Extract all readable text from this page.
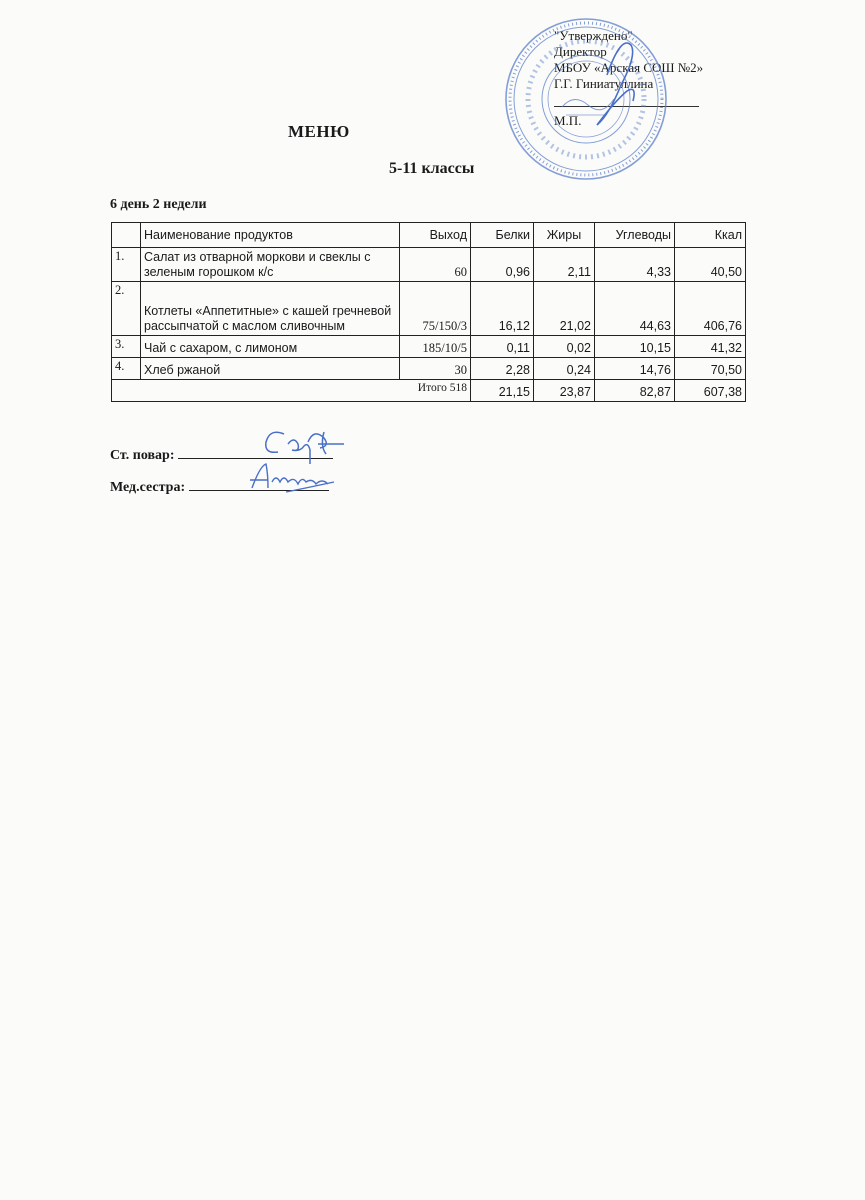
"Утверждено"
Директор
МБОУ «Арская СОШ №2»
Г.Г. Гиниатуллина
М.П.
МЕНЮ
5-11 классы
6 день 2 недели
	Наименование продуктов	Выход	Белки	Жиры	Углеводы	Ккал
1.	Салат из отварной моркови и свеклы с зеленым горошком к/с	60	0,96	2,11	4,33	40,50
2.	Котлеты «Аппетитные» с кашей гречневой рассыпчатой с маслом сливочным	75/150/3	16,12	21,02	44,63	406,76
3.	Чай с сахаром, с лимоном	185/10/5	0,11	0,02	10,15	41,32
4.	Хлеб ржаной	30	2,28	0,24	14,76	70,50
Итого 518			21,15	23,87	82,87	607,38
Ст. повар:
Мед.сестра:
